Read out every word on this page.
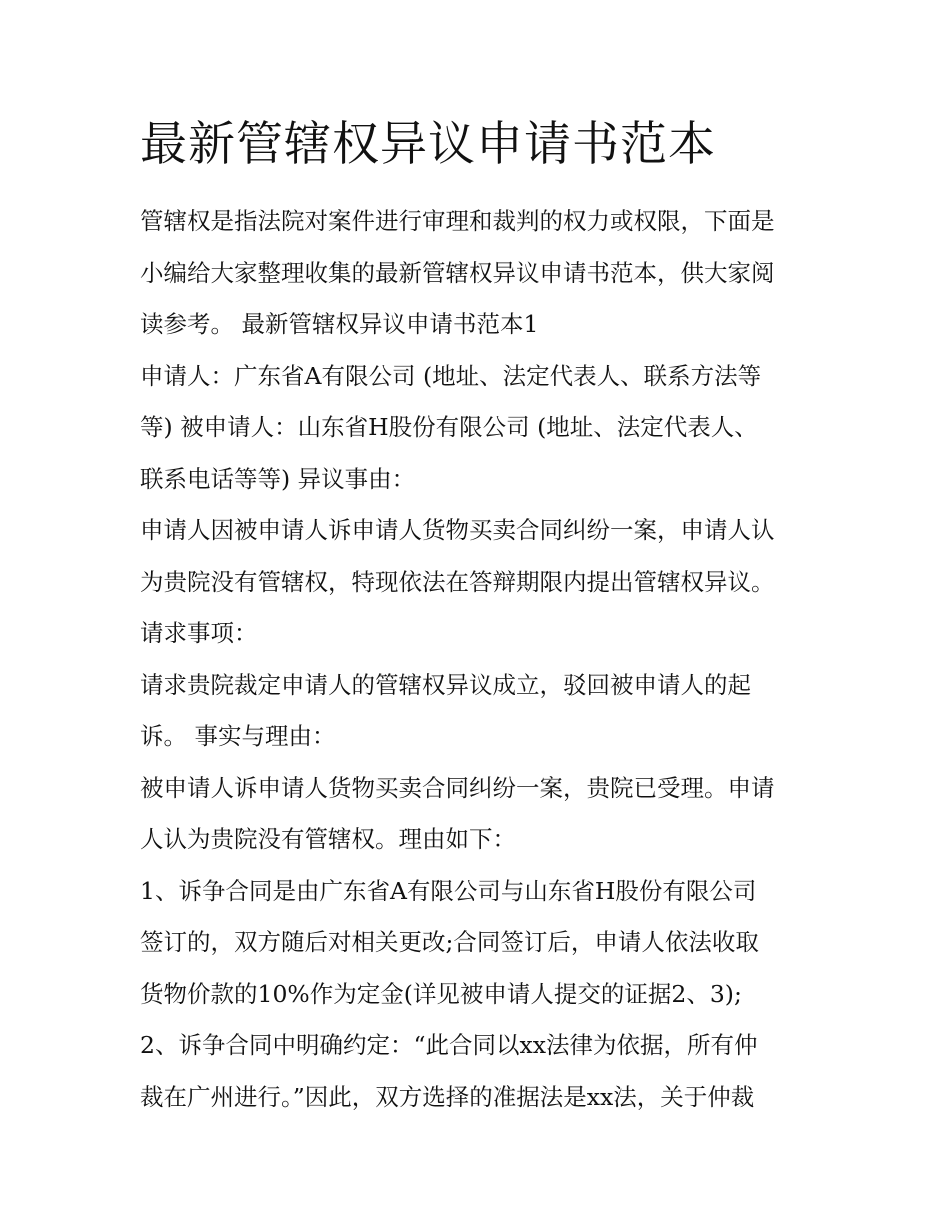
最新管辖权异议申请书范本
管辖权是指法院对案件进行审理和裁判的权力或权限，下面是
小编给大家整理收集的最新管辖权异议申请书范本，供大家阅
读参考。 最新管辖权异议申请书范本1
申请人：广东省A有限公司 (地址、法定代表人、联系方法等
等) 被申请人：山东省H股份有限公司 (地址、法定代表人、
联系电话等等) 异议事由：
申请人因被申请人诉申请人货物买卖合同纠纷一案，申请人认
为贵院没有管辖权，特现依法在答辩期限内提出管辖权异议。
请求事项：
请求贵院裁定申请人的管辖权异议成立，驳回被申请人的起
诉。 事实与理由：
被申请人诉申请人货物买卖合同纠纷一案，贵院已受理。申请
人认为贵院没有管辖权。理由如下：
1、诉争合同是由广东省A有限公司与山东省H股份有限公司
签订的，双方随后对相关更改;合同签订后，申请人依法收取
货物价款的10%作为定金(详见被申请人提交的证据2、3);
2、诉争合同中明确约定：“此合同以xx法律为依据，所有仲
裁在广州进行。”因此，双方选择的准据法是xx法，关于仲裁
